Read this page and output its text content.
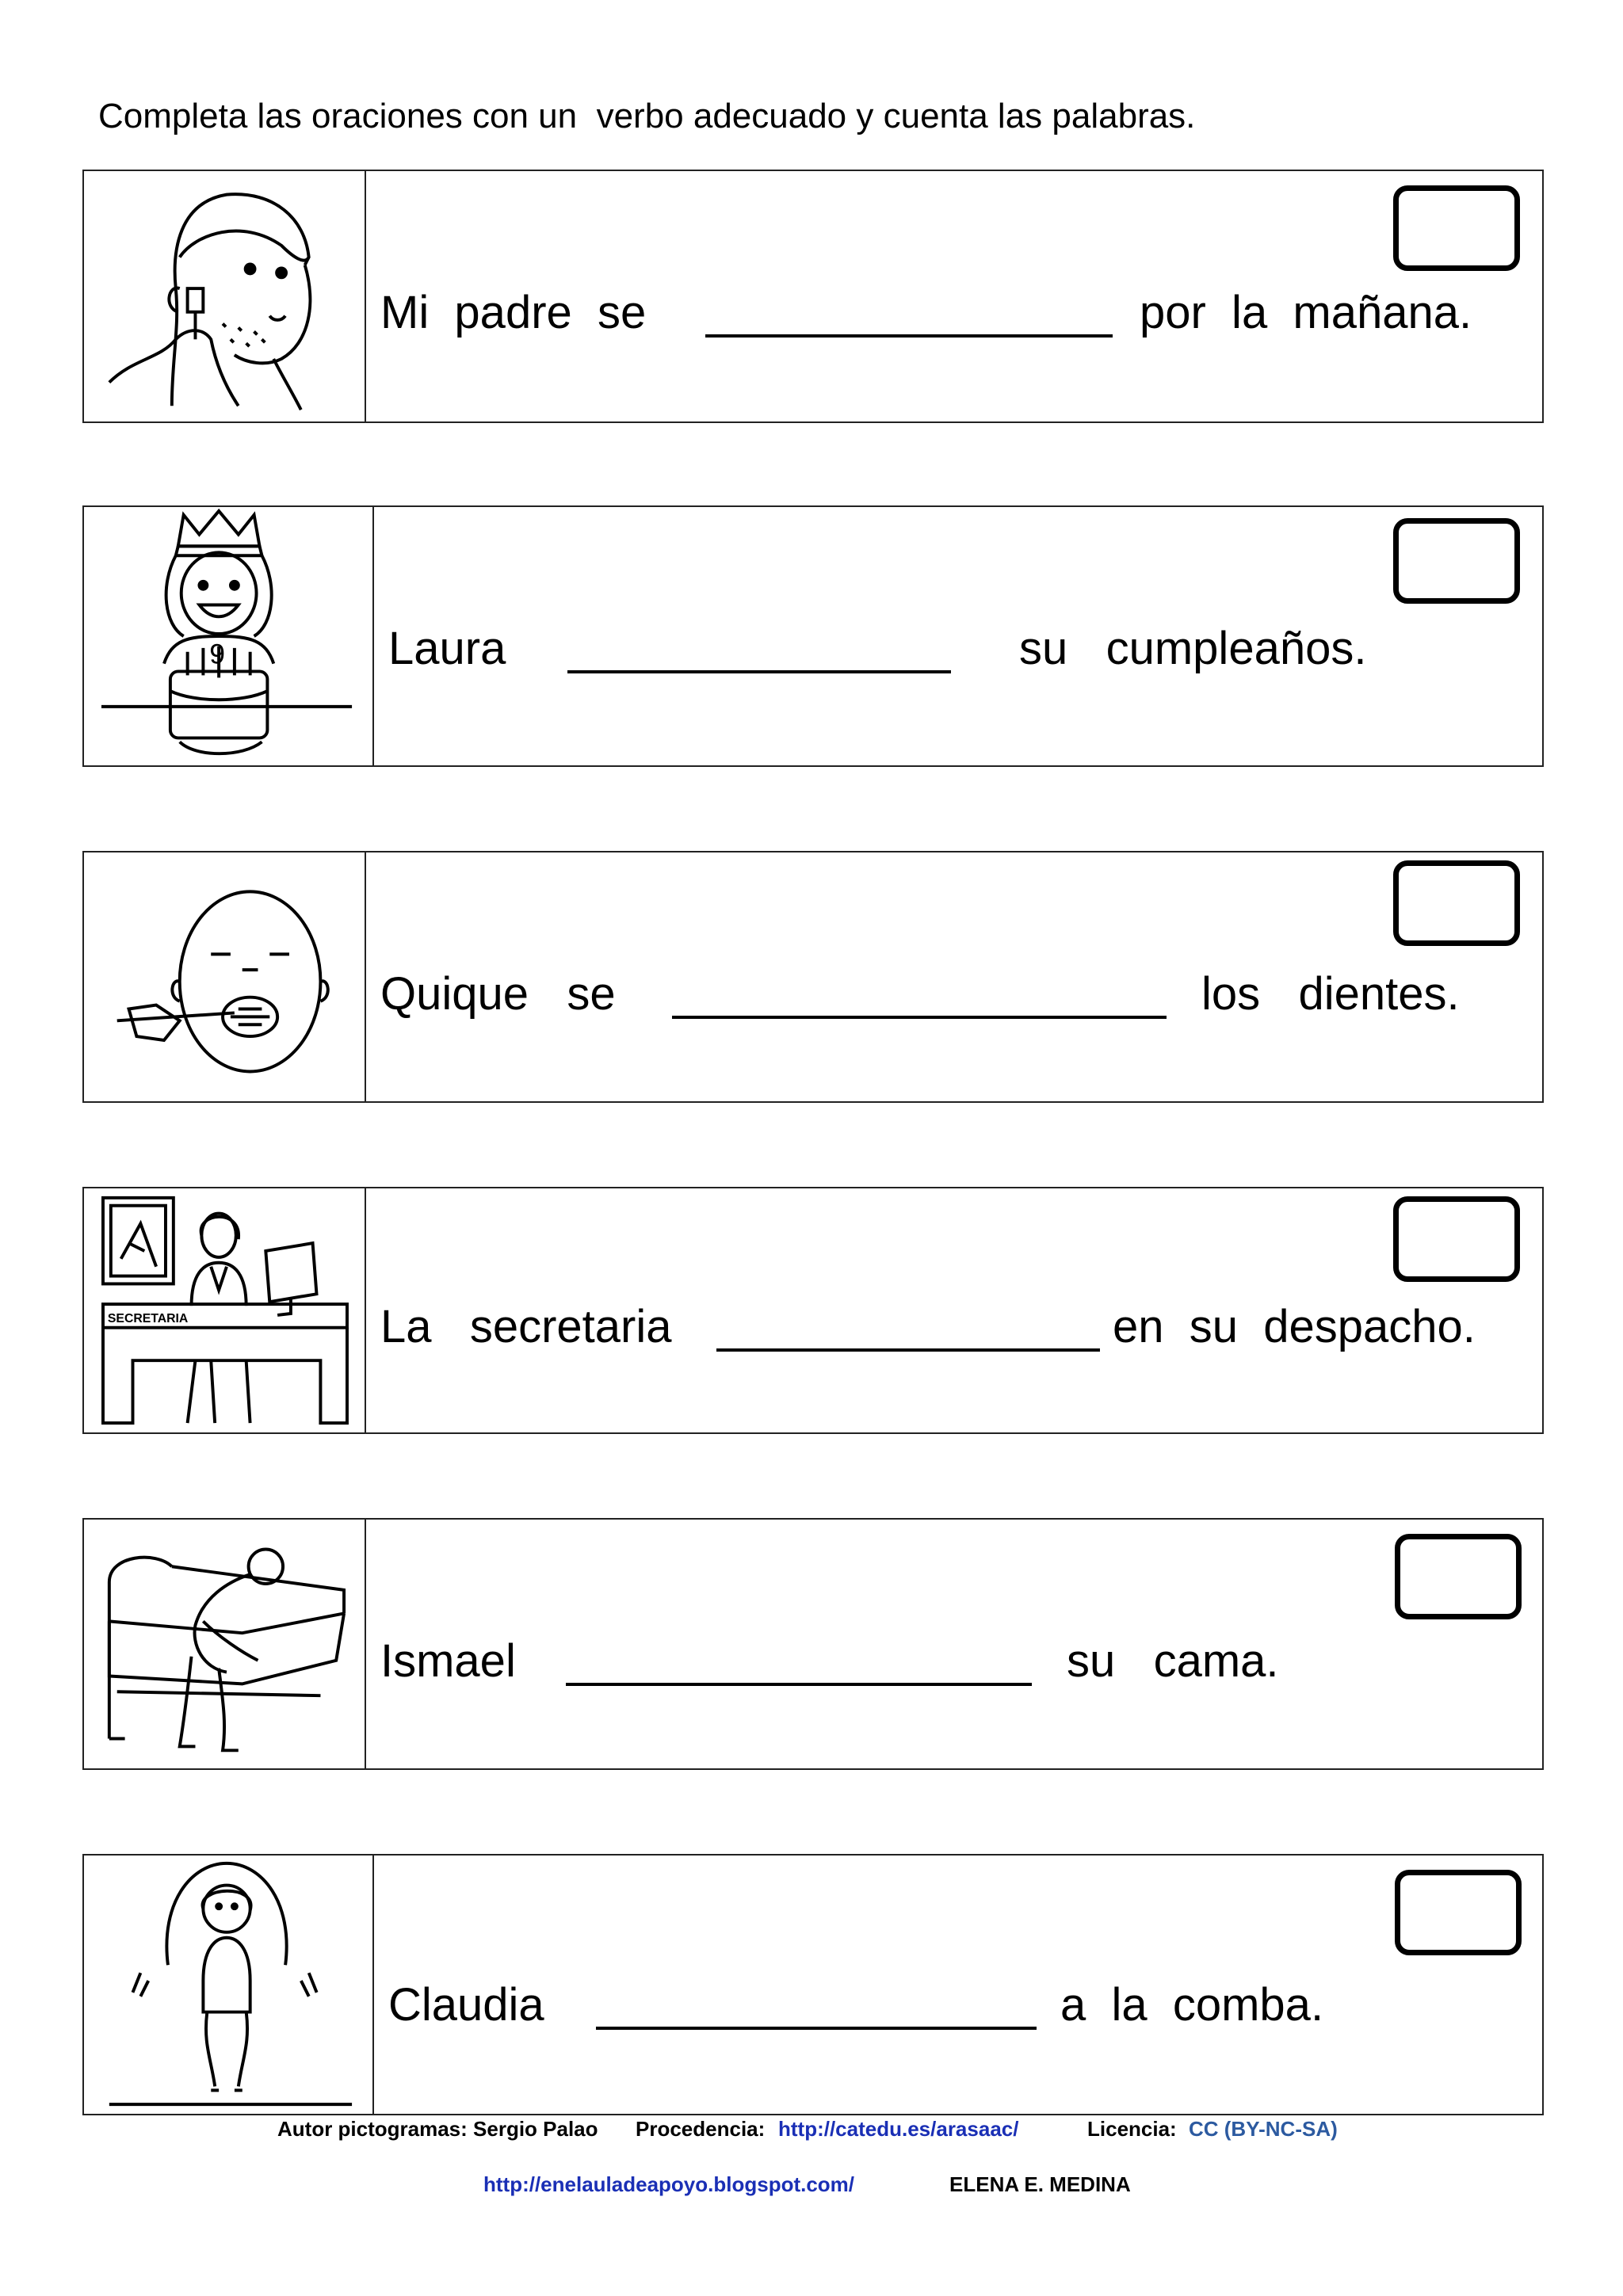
Completa las oraciones con un  verbo adecuado y cuenta las palabras.
Mi  padre  se	por  la  mañana.
9	Laura	su   cumpleaños.
Quique   se	los   dientes.
SECRETARIA	La   secretaria	en  su  despacho.
Ismael	su   cama.
Claudia	a  la  comba.
Autor pictogramas: Sergio Palao Procedencia: http://catedu.es/arasaac/	Licencia: CC (BY-NC-SA)
http://enelauladeapoyo.blogspot.com/	ELENA E. MEDINA
